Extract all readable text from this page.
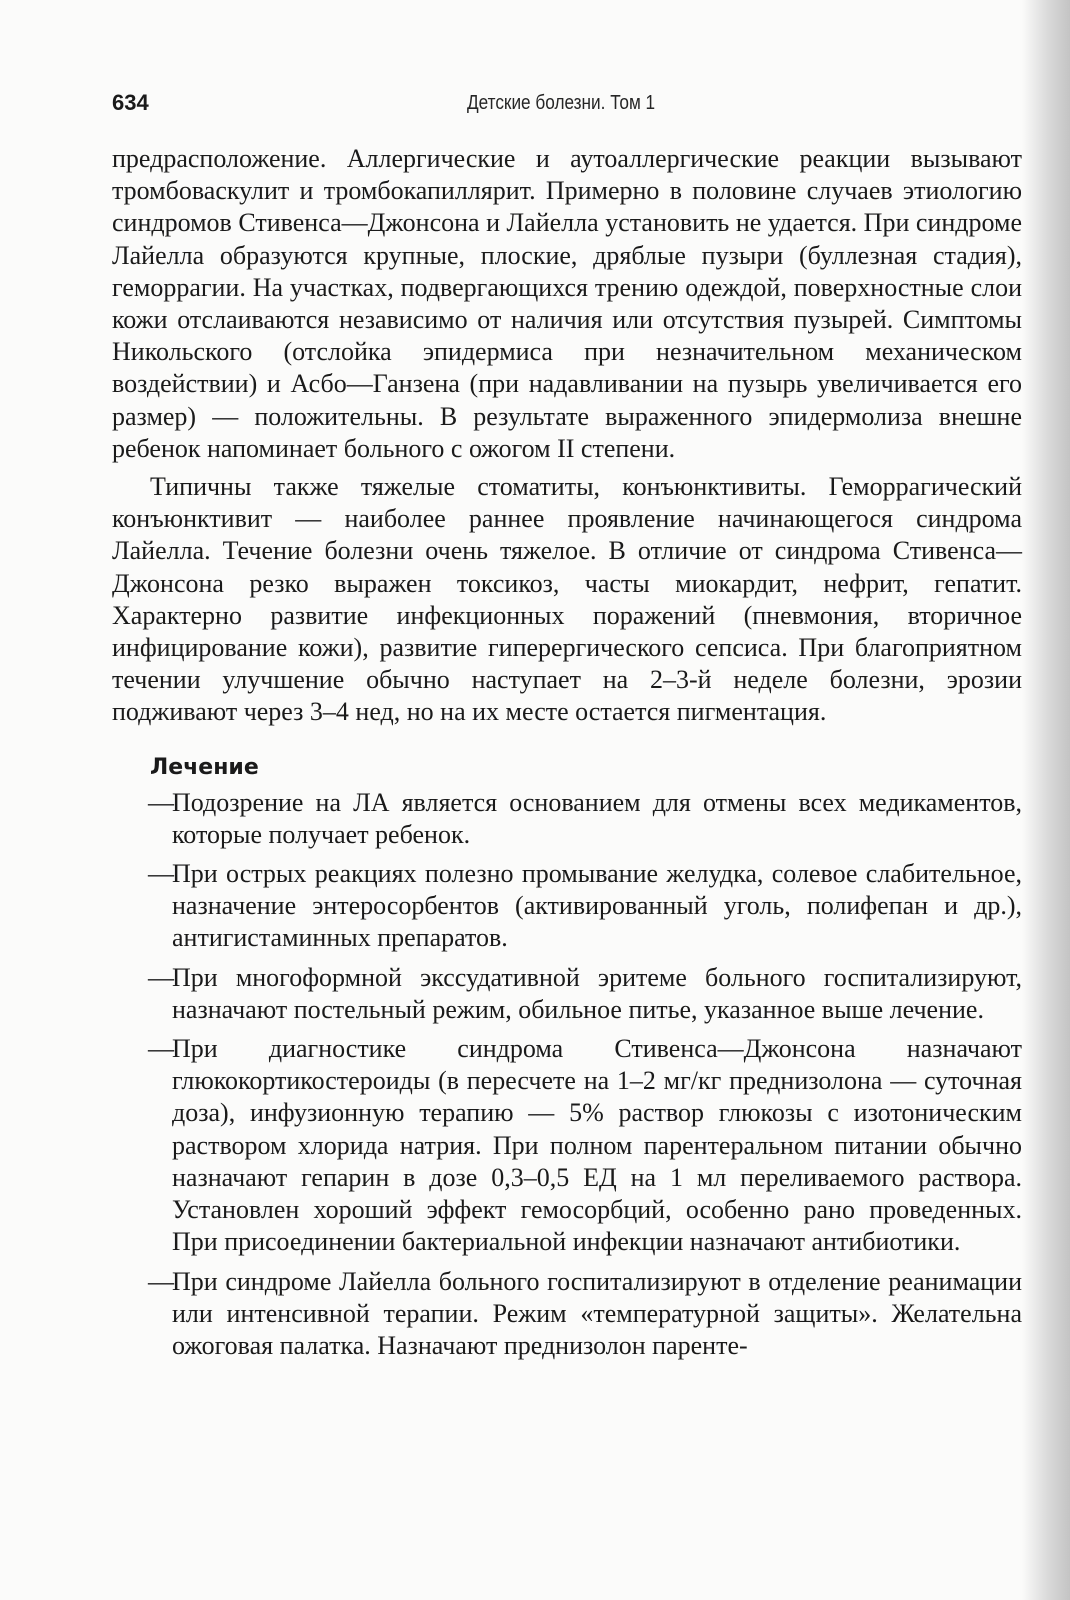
634	Детские болезни. Том 1

предрасположение. Аллергические и аутоаллергические реакции вызывают тромбоваскулит и тромбокапиллярит. Примерно в половине случаев этиологию синдромов Стивенса—Джонсона и Лайелла установить не удается. При синдроме Лайелла образуются крупные, плоские, дряблые пузыри (буллезная стадия), геморрагии. На участках, подвергающихся трению одеждой, поверхностные слои кожи отслаиваются независимо от наличия или отсутствия пузырей. Симптомы Никольского (отслойка эпидермиса при незначительном механическом воздействии) и Асбо—Ганзена (при надавливании на пузырь увеличивается его размер) — положительны. В результате выраженного эпидермолиза внешне ребенок напоминает больного с ожогом II степени.

Типичны также тяжелые стоматиты, конъюнктивиты. Геморрагический конъюнктивит — наиболее раннее проявление начинающегося синдрома Лайелла. Течение болезни очень тяжелое. В отличие от синдрома Стивенса—Джонсона резко выражен токсикоз, часты миокардит, нефрит, гепатит. Характерно развитие инфекционных поражений (пневмония, вторичное инфицирование кожи), развитие гиперергического сепсиса. При благоприятном течении улучшение обычно наступает на 2–3-й неделе болезни, эрозии подживают через 3–4 нед, но на их месте остается пигментация.

Лечение
—
Подозрение на ЛА является основанием для отмены всех медикаментов, которые получает ребенок.
—
При острых реакциях полезно промывание желудка, солевое слабительное, назначение энтеросорбентов (активированный уголь, полифепан и др.), антигистаминных препаратов.
—
При многоформной экссудативной эритеме больного госпитализируют, назначают постельный режим, обильное питье, указанное выше лечение.
—
При диагностике синдрома Стивенса—Джонсона назначают глюкокортикостероиды (в пересчете на 1–2 мг/кг преднизолона — суточная доза), инфузионную терапию — 5% раствор глюкозы с изотоническим раствором хлорида натрия. При полном парентеральном питании обычно назначают гепарин в дозе 0,3–0,5 ЕД на 1 мл переливаемого раствора. Установлен хороший эффект гемосорбций, особенно рано проведенных. При присоединении бактериальной инфекции назначают антибиотики.
—
При синдроме Лайелла больного госпитализируют в отделение реанимации или интенсивной терапии. Режим «температурной защиты». Желательна ожоговая палатка. Назначают преднизолон паренте-
